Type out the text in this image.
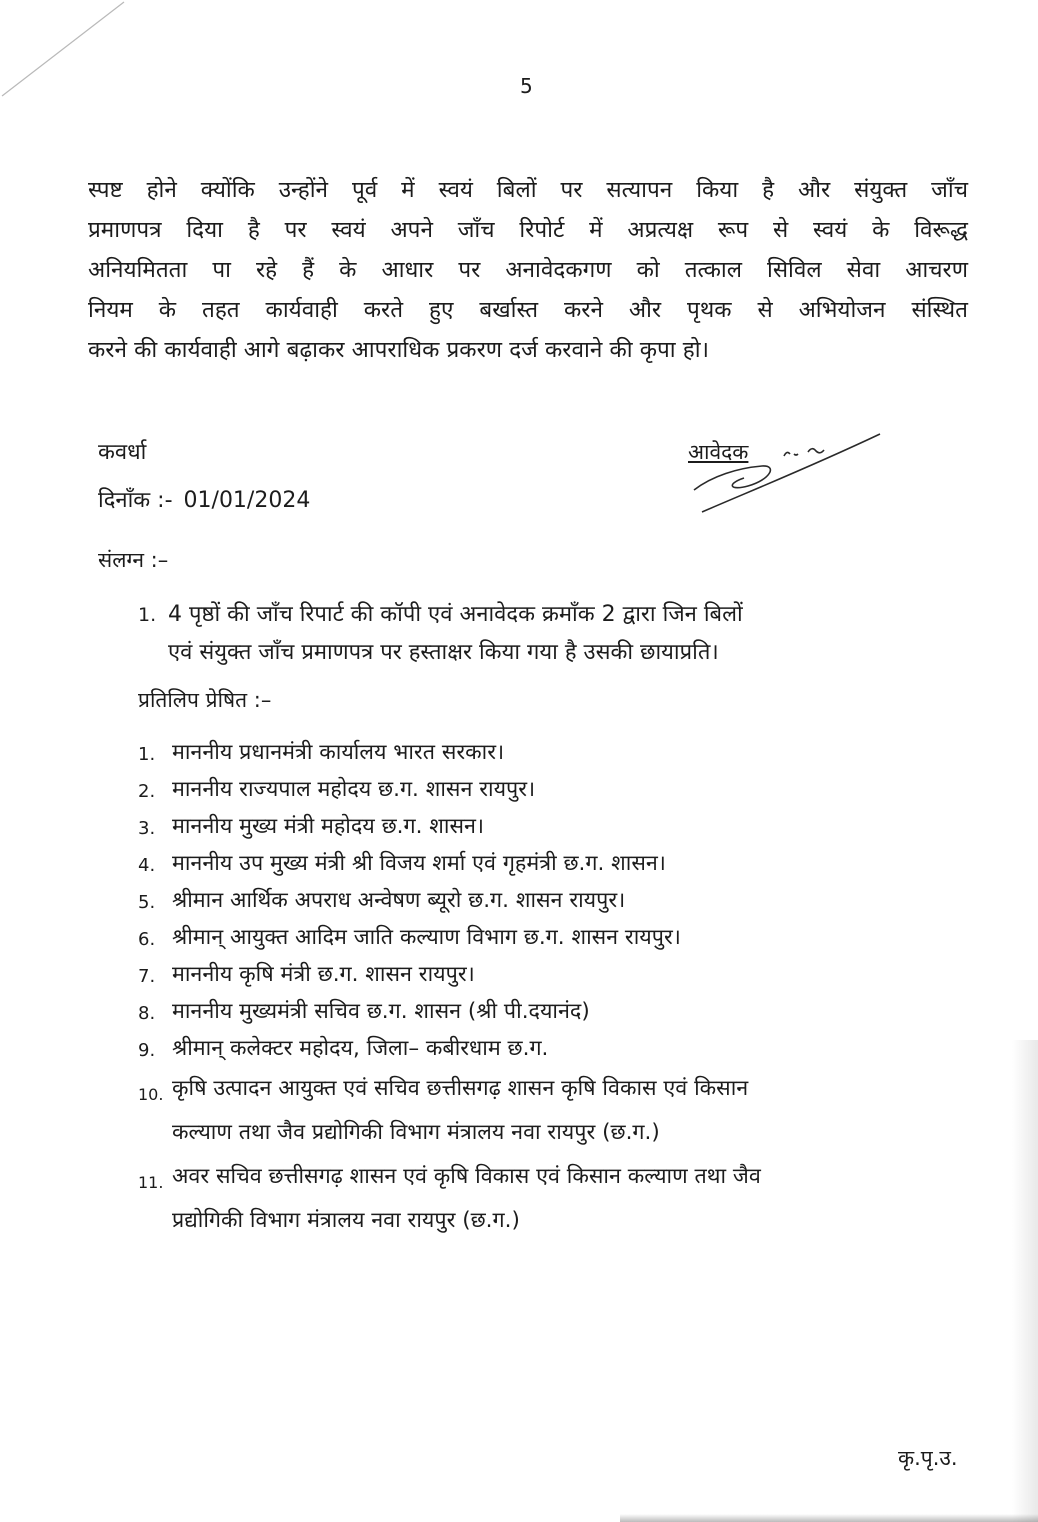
5

स्पष्ट होने क्योंकि उन्होंने पूर्व में स्वयं बिलों पर सत्यापन किया है और संयुक्त जाँच
प्रमाणपत्र दिया है पर स्वयं अपने जाँच रिपोर्ट में अप्रत्यक्ष रूप से स्वयं के विरूद्ध
अनियमितता पा रहे हैं के आधार पर अनावेदकगण को तत्काल सिविल सेवा आचरण
नियम के तहत कार्यवाही करते हुए बर्खास्त करने और पृथक से अभियोजन संस्थित
करने की कार्यवाही आगे बढ़ाकर आपराधिक प्रकरण दर्ज करवाने की कृपा हो।

कवर्धा
दिनाँक :- 01/01/2024
आवेदक
संलग्न :–
1. 4 पृष्ठों की जाँच रिपार्ट की कॉपी एवं अनावेदक क्रमाँक 2 द्वारा जिन बिलों
एवं संयुक्त जाँच प्रमाणपत्र पर हस्ताक्षर किया गया है उसकी छायाप्रति।
प्रतिलिप प्रेषित :–
1. माननीय प्रधानमंत्री कार्यालय भारत सरकार।
2. माननीय राज्यपाल महोदय छ.ग. शासन रायपुर।
3. माननीय मुख्य मंत्री महोदय छ.ग. शासन।
4. माननीय उप मुख्य मंत्री श्री विजय शर्मा एवं गृहमंत्री छ.ग. शासन।
5. श्रीमान आर्थिक अपराध अन्वेषण ब्यूरो छ.ग. शासन रायपुर।
6. श्रीमान् आयुक्त आदिम जाति कल्याण विभाग छ.ग. शासन रायपुर।
7. माननीय कृषि मंत्री छ.ग. शासन रायपुर।
8. माननीय मुख्यमंत्री सचिव छ.ग. शासन (श्री पी.दयानंद)
9. श्रीमान् कलेक्टर महोदय, जिला– कबीरधाम छ.ग.
10. कृषि उत्पादन आयुक्त एवं सचिव छत्तीसगढ़ शासन कृषि विकास एवं किसान
कल्याण तथा जैव प्रद्योगिकी विभाग मंत्रालय नवा रायपुर (छ.ग.)
11. अवर सचिव छत्तीसगढ़ शासन एवं कृषि विकास एवं किसान कल्याण तथा जैव
प्रद्योगिकी विभाग मंत्रालय नवा रायपुर (छ.ग.)
कृ.पृ.उ.
